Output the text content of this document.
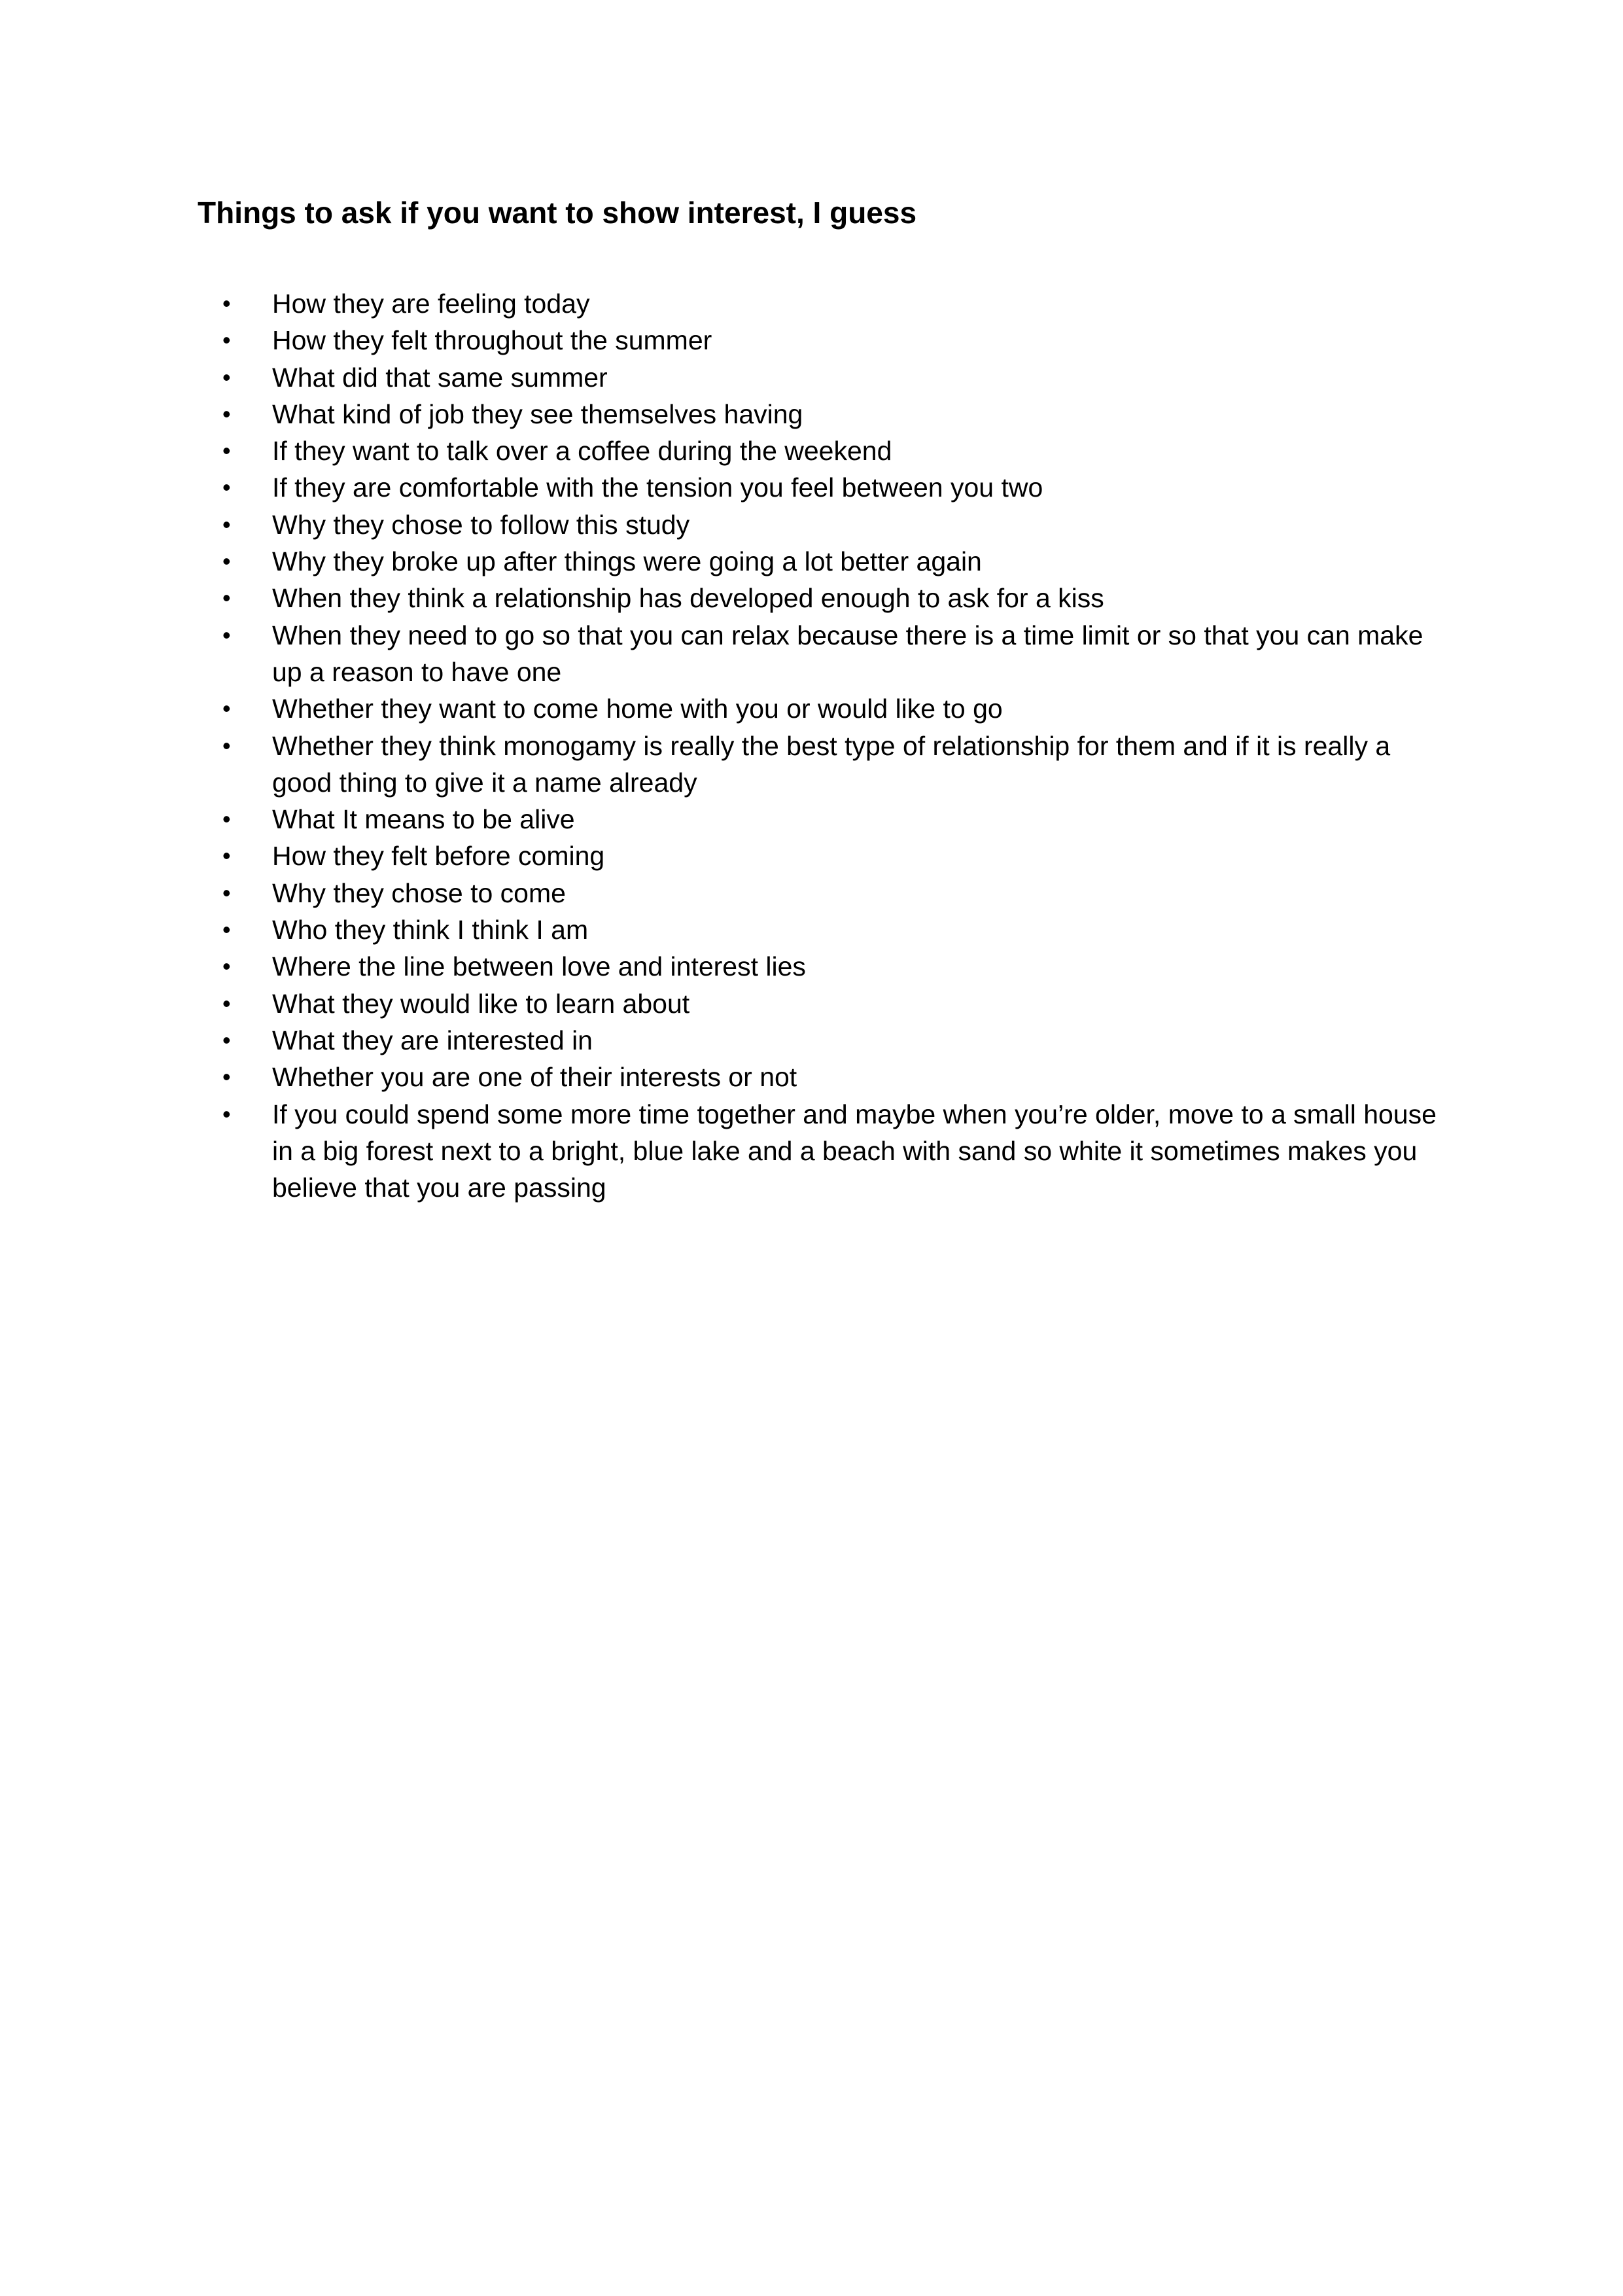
Things to ask if you want to show interest, I guess
• How they are feeling today
• How they felt throughout the summer
• What did that same summer
• What kind of job they see themselves having
• If they want to talk over a coffee during the weekend
• If they are comfortable with the tension you feel between you two
• Why they chose to follow this study
• Why they broke up after things were going a lot better again
• When they think a relationship has developed enough to ask for a kiss
• When they need to go so that you can relax because there is a time limit or so that you can make up a reason to have one
• Whether they want to come home with you or would like to go
• Whether they think monogamy is really the best type of relationship for them and if it is really a good thing to give it a name already
• What It means to be alive
• How they felt before coming
• Why they chose to come
• Who they think I think I am
• Where the line between love and interest lies
• What they would like to learn about
• What they are interested in
• Whether you are one of their interests or not
• If you could spend some more time together and maybe when you’re older, move to a small house in a big forest next to a bright, blue lake and a beach with sand so white it sometimes makes you believe that you are passing
